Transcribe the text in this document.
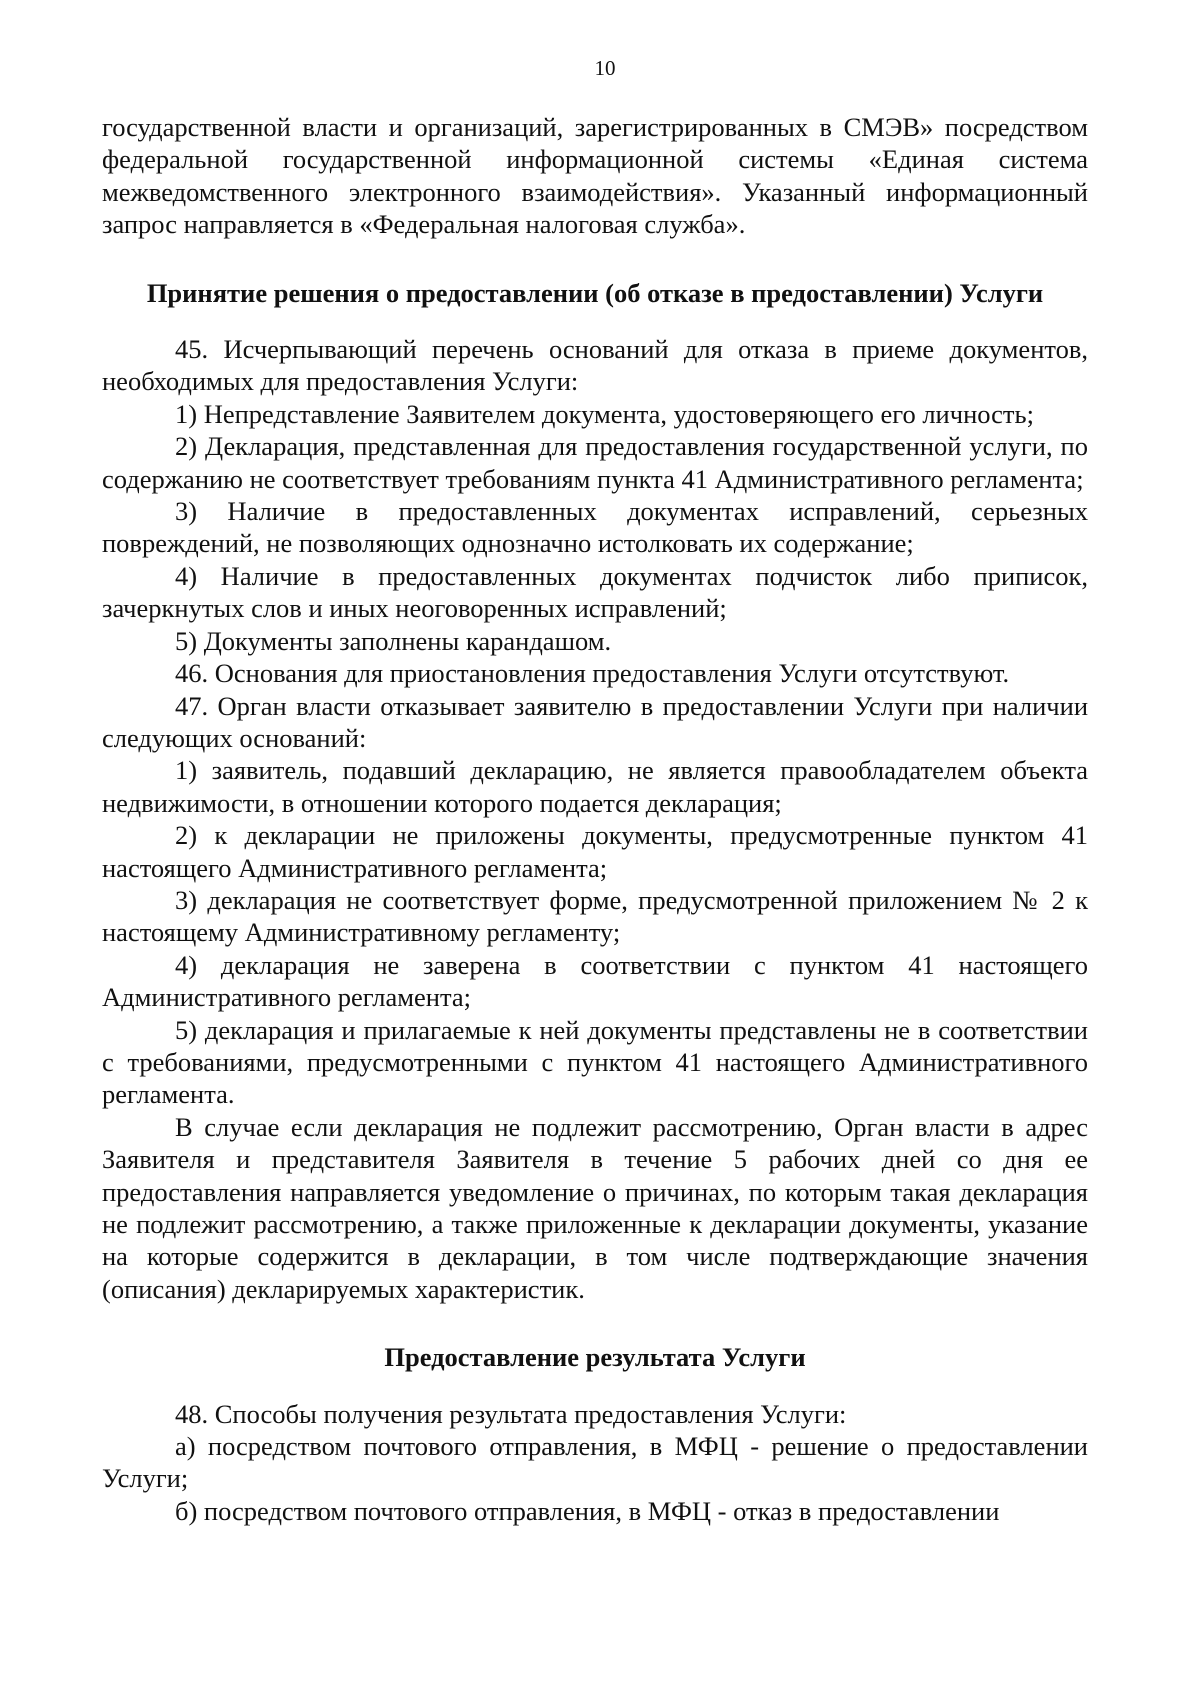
10

государственной власти и организаций, зарегистрированных в СМЭВ» посредством федеральной государственной информационной системы «Единая система межведомственного электронного взаимодействия». Указанный информационный запрос направляется в «Федеральная налоговая служба».

Принятие решения о предоставлении (об отказе в предоставлении) Услуги

45. Исчерпывающий перечень оснований для отказа в приеме документов, необходимых для предоставления Услуги:

1) Непредставление Заявителем документа, удостоверяющего его личность;

2) Декларация, представленная для предоставления государственной услуги, по содержанию не соответствует требованиям пункта 41 Административного регламента;

3) Наличие в предоставленных документах исправлений, серьезных повреждений, не позволяющих однозначно истолковать их содержание;

4) Наличие в предоставленных документах подчисток либо приписок, зачеркнутых слов и иных неоговоренных исправлений;

5) Документы заполнены карандашом.

46. Основания для приостановления предоставления Услуги отсутствуют.

47. Орган власти отказывает заявителю в предоставлении Услуги при наличии следующих оснований:

1) заявитель, подавший декларацию, не является правообладателем объекта недвижимости, в отношении которого подается декларация;

2) к декларации не приложены документы, предусмотренные пунктом 41 настоящего Административного регламента;

3) декларация не соответствует форме, предусмотренной приложением № 2 к настоящему Административному регламенту;

4) декларация не заверена в соответствии с пунктом 41 настоящего Административного регламента;

5) декларация и прилагаемые к ней документы представлены не в соответствии с требованиями, предусмотренными с пунктом 41 настоящего Административного регламента.

В случае если декларация не подлежит рассмотрению, Орган власти в адрес Заявителя и представителя Заявителя в течение 5 рабочих дней со дня ее предоставления направляется уведомление о причинах, по которым такая декларация не подлежит рассмотрению, а также приложенные к декларации документы, указание на которые содержится в декларации, в том числе подтверждающие значения (описания) декларируемых характеристик.

Предоставление результата Услуги

48. Способы получения результата предоставления Услуги:

а) посредством почтового отправления, в МФЦ - решение о предоставлении Услуги;

б) посредством почтового отправления, в МФЦ - отказ в предоставлении
